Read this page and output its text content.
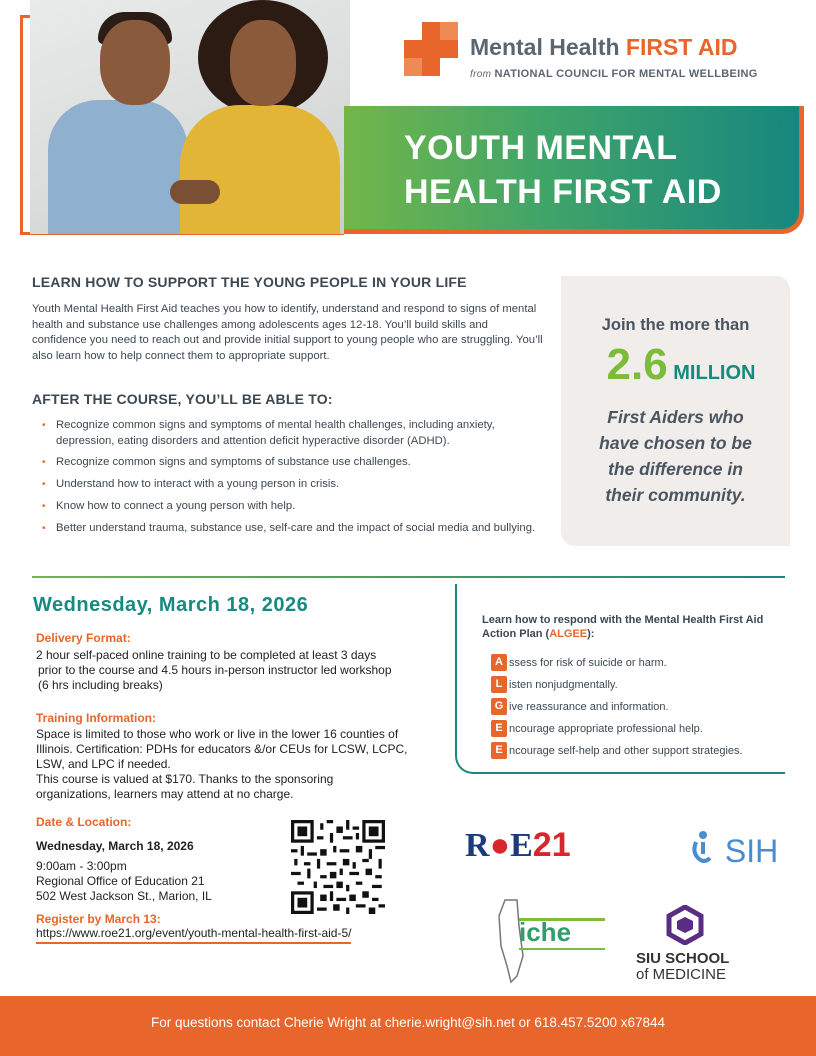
Mental Health FIRST AID
from NATIONAL COUNCIL FOR MENTAL WELLBEING
YOUTH MENTAL
HEALTH FIRST AID
LEARN HOW TO SUPPORT THE YOUNG PEOPLE IN YOUR LIFE
Youth Mental Health First Aid teaches you how to identify, understand and respond to signs of mental health and substance use challenges among adolescents ages 12-18. You’ll build skills and confidence you need to reach out and provide initial support to young people who are struggling. You’ll also learn how to help connect them to appropriate support.
AFTER THE COURSE, YOU’LL BE ABLE TO:
• Recognize common signs and symptoms of mental health challenges, including anxiety, depression, eating disorders and attention deficit hyperactive disorder (ADHD).
• Recognize common signs and symptoms of substance use challenges.
• Understand how to interact with a young person in crisis.
• Know how to connect a young person with help.
• Better understand trauma, substance use, self-care and the impact of social media and bullying.
Join the more than
2.6 MILLION
First Aiders who
have chosen to be
the difference in
their community.
Wednesday, March 18, 2026
Delivery Format:
2 hour self-paced online training to be completed at least 3 days
prior to the course and 4.5 hours in-person instructor led workshop
(6 hrs including breaks)
Training Information:
Space is limited to those who work or live in the lower 16 counties of
Illinois. Certification: PDHs for educators &/or CEUs for LCSW, LCPC,
LSW, and LPC if needed.
This course is valued at $170. Thanks to the sponsoring
organizations, learners may attend at no charge.
Date & Location:
Wednesday, March 18, 2026
9:00am - 3:00pm
Regional Office of Education 21
502 West Jackson St., Marion, IL
Register by March 13:
https://www.roe21.org/event/youth-mental-health-first-aid-5/
Learn how to respond with the Mental Health First Aid Action Plan (ALGEE):
A ssess for risk of suicide or harm.
L isten nonjudgmentally.
G ive reassurance and information.
E ncourage appropriate professional help.
E ncourage self-help and other support strategies.
R●E21	SIH
iche
SIU SCHOOL
of MEDICINE
For questions contact Cherie Wright at cherie.wright@sih.net or 618.457.5200 x67844
